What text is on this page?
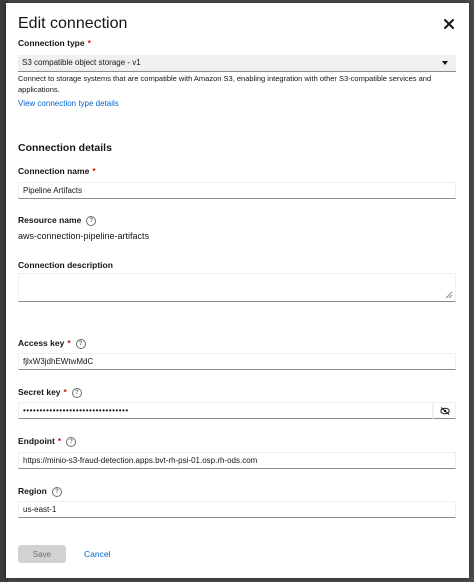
Edit connection
Connection type *
S3 compatible object storage - v1
Connect to storage systems that are compatible with Amazon S3, enabling integration with other S3-compatible services and applications.
View connection type details
Connection details
Connection name *
Pipeline Artifacts
Resource name ?
aws-connection-pipeline-artifacts
Connection description
Access key * ?
fjlxW3jdhEWtwMdC
Secret key * ?
••••••••••••••••••••••••••••••••
Endpoint * ?
https://minio-s3-fraud-detection.apps.bvt-rh-psi-01.osp.rh-ods.com
Region ?
us-east-1
Save	Cancel
